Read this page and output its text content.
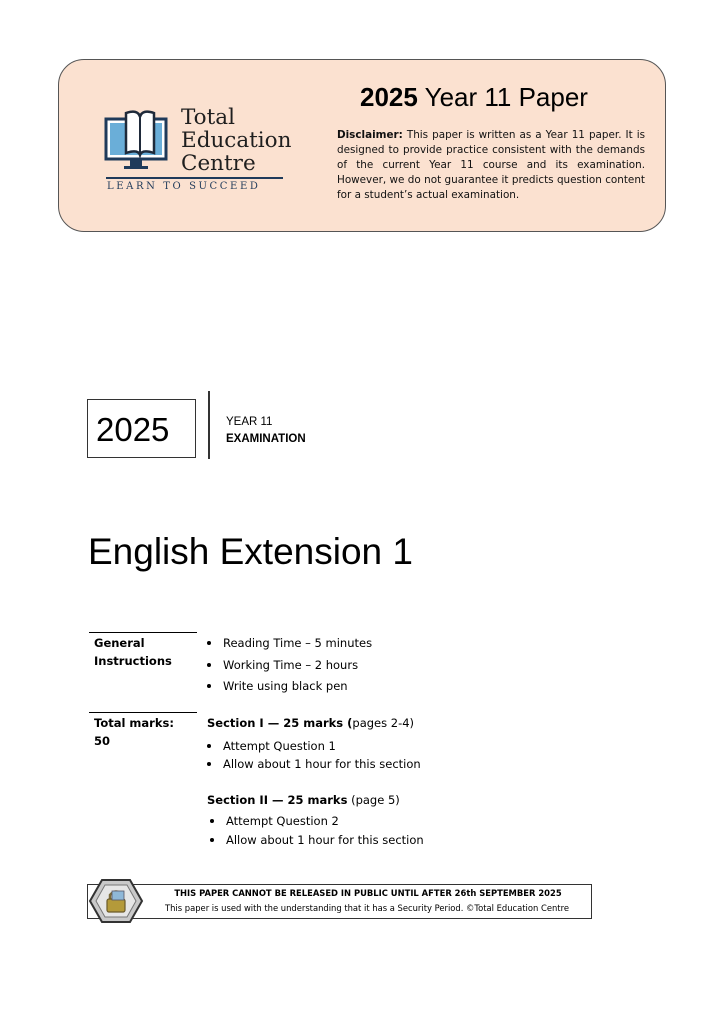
Total
Education
Centre
LEARN TO SUCCEED
2025 Year 11 Paper
Disclaimer: This paper is written as a Year 11 paper. It is designed to provide practice consistent with the demands of the current Year 11 course and its examination. However, we do not guarantee it predicts question content for a student’s actual examination.
2025	YEAR 11
EXAMINATION
English Extension 1
General
Instructions
Reading Time – 5 minutes
Working Time – 2 hours
Write using black pen
Total marks:
50
Section I — 25 marks (pages 2-4)
Attempt Question 1
Allow about 1 hour for this section
Section II — 25 marks (page 5)
Attempt Question 2
Allow about 1 hour for this section
THIS PAPER CANNOT BE RELEASED IN PUBLIC UNTIL AFTER 26th SEPTEMBER 2025
This paper is used with the understanding that it has a Security Period. ©Total Education Centre
